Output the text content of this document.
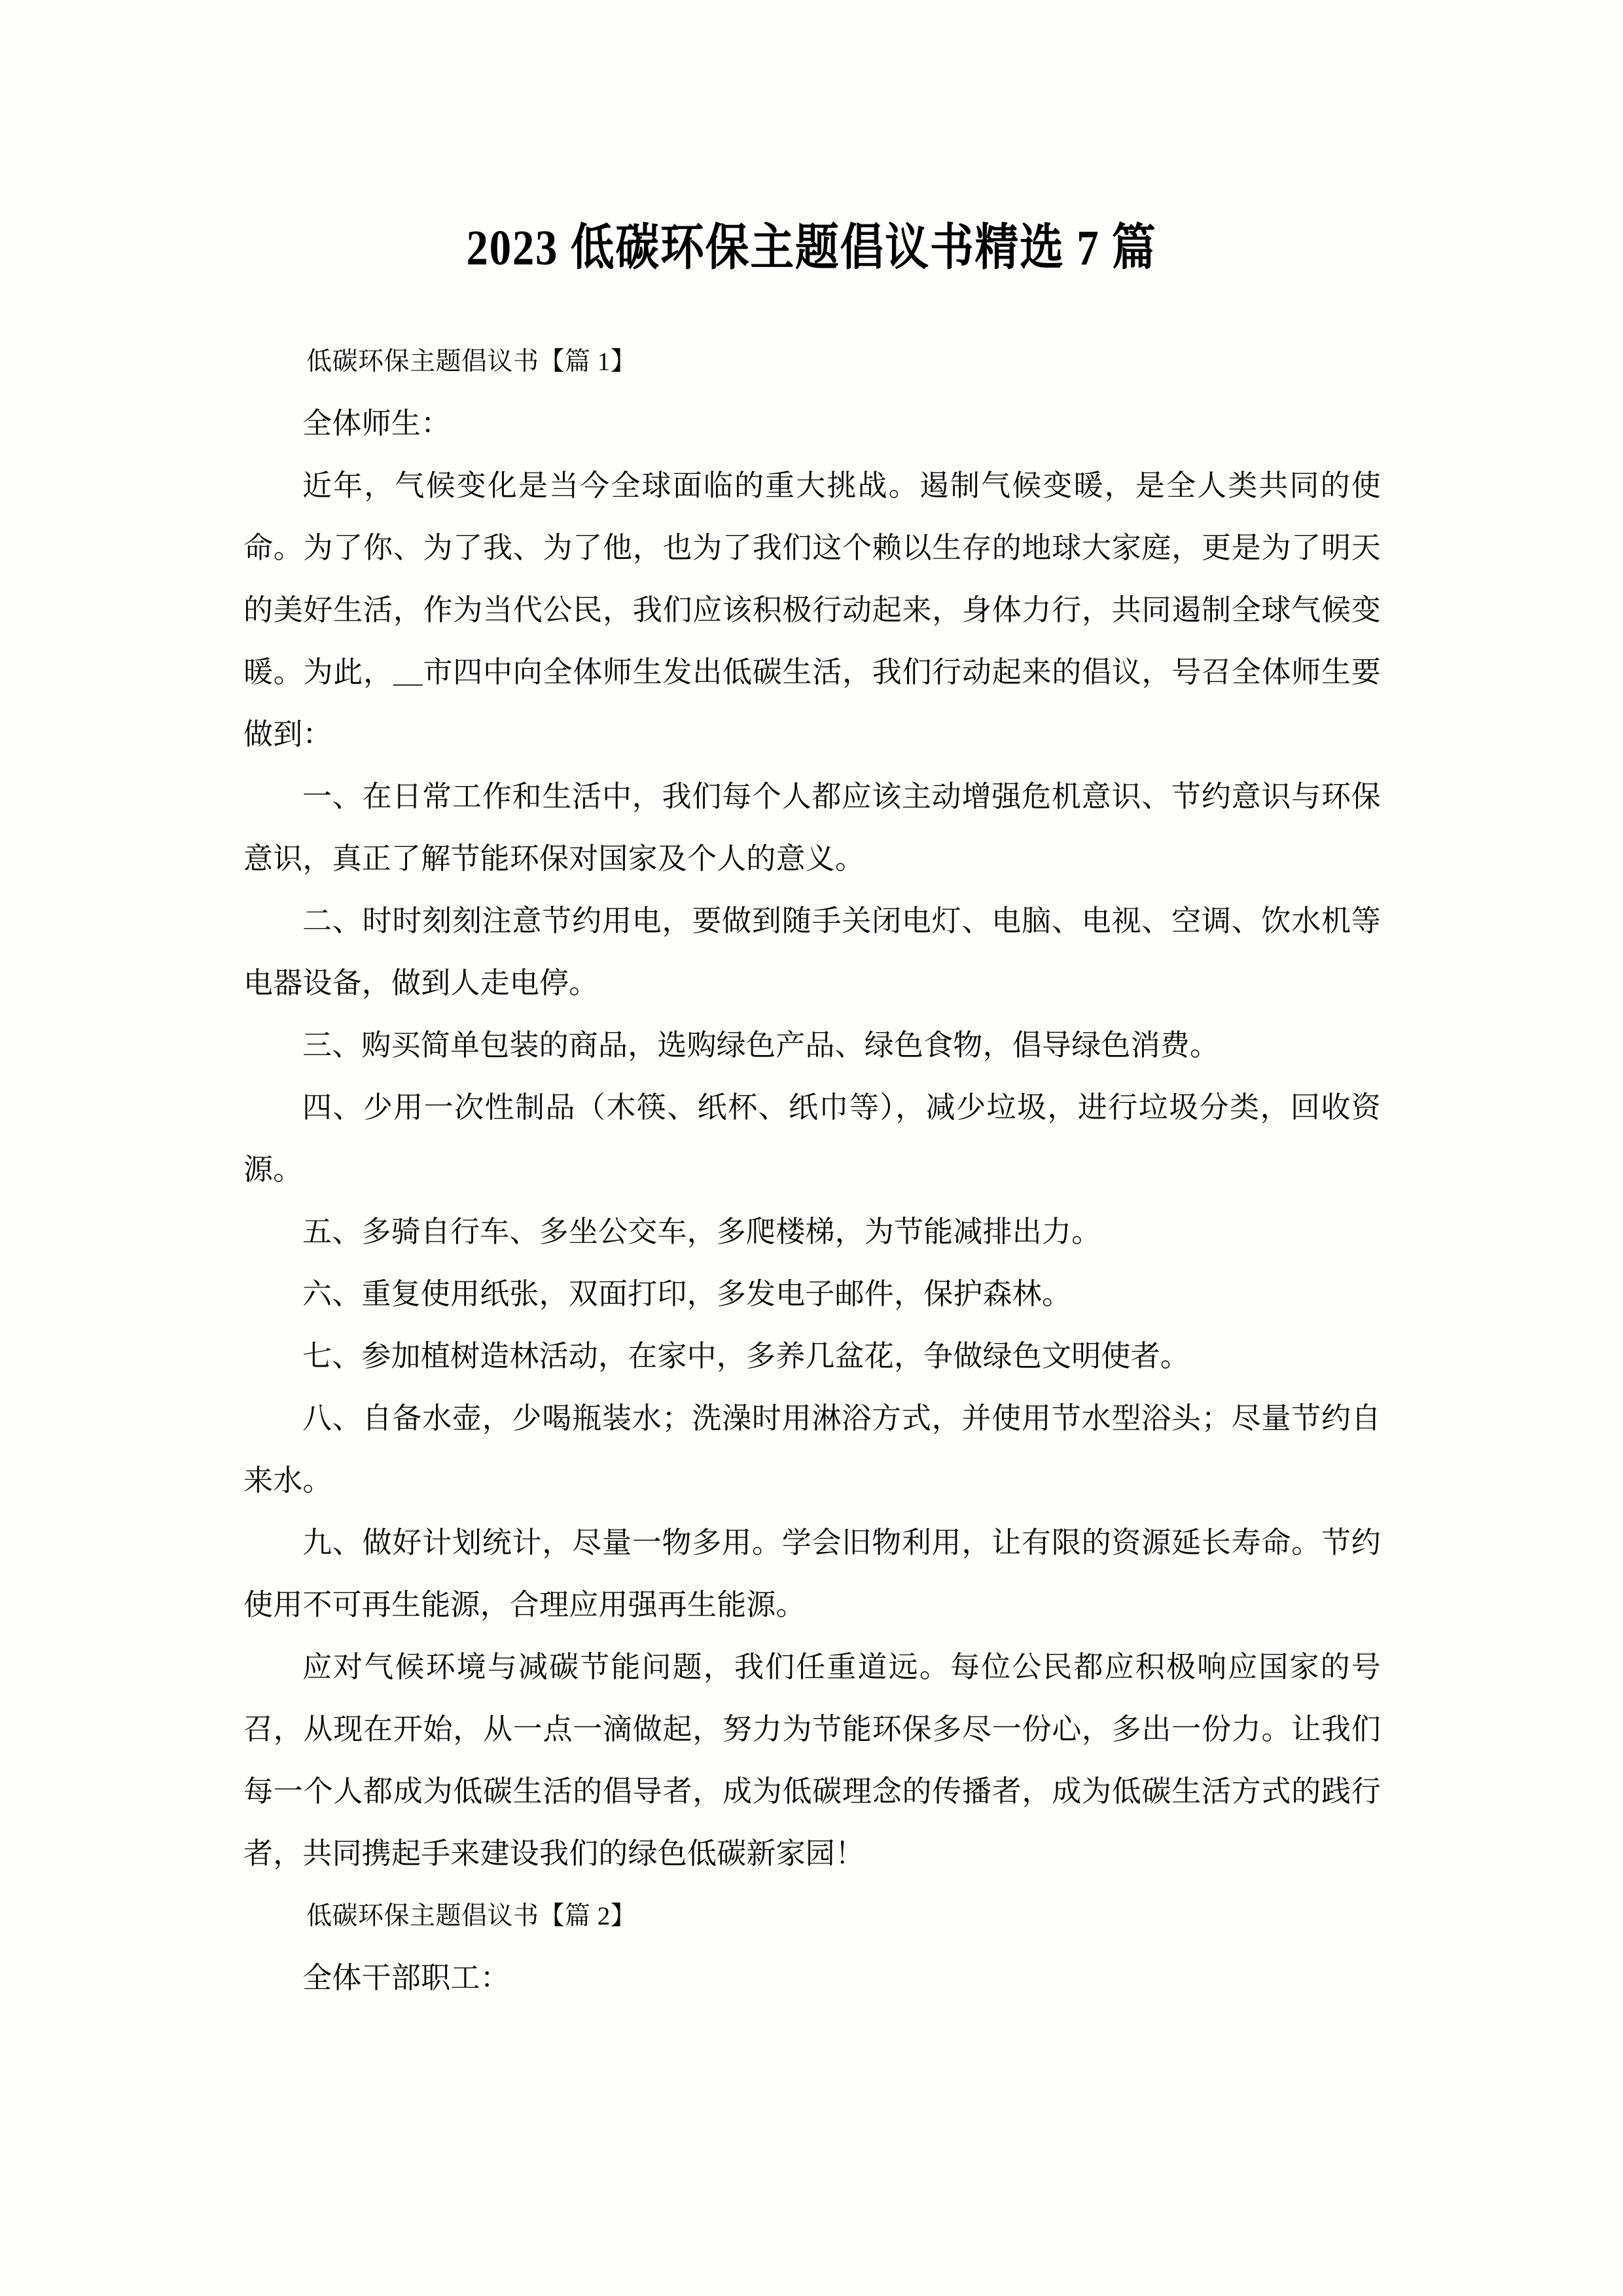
2023 低碳环保主题倡议书精选 7 篇

低碳环保主题倡议书【篇 1】

全体师生：

近年，气候变化是当今全球面临的重大挑战。遏制气候变暖，是全人类共同的使命。为了你、为了我、为了他，也为了我们这个赖以生存的地球大家庭，更是为了明天的美好生活，作为当代公民，我们应该积极行动起来，身体力行，共同遏制全球气候变暖。为此，＿市四中向全体师生发出低碳生活，我们行动起来的倡议，号召全体师生要做到：

一、在日常工作和生活中，我们每个人都应该主动增强危机意识、节约意识与环保意识，真正了解节能环保对国家及个人的意义。

二、时时刻刻注意节约用电，要做到随手关闭电灯、电脑、电视、空调、饮水机等电器设备，做到人走电停。

三、购买简单包装的商品，选购绿色产品、绿色食物，倡导绿色消费。

四、少用一次性制品（木筷、纸杯、纸巾等），减少垃圾，进行垃圾分类，回收资源。

五、多骑自行车、多坐公交车，多爬楼梯，为节能减排出力。

六、重复使用纸张，双面打印，多发电子邮件，保护森林。

七、参加植树造林活动，在家中，多养几盆花，争做绿色文明使者。

八、自备水壶，少喝瓶装水；洗澡时用淋浴方式，并使用节水型浴头；尽量节约自来水。

九、做好计划统计，尽量一物多用。学会旧物利用，让有限的资源延长寿命。节约使用不可再生能源，合理应用强再生能源。

应对气候环境与减碳节能问题，我们任重道远。每位公民都应积极响应国家的号召，从现在开始，从一点一滴做起，努力为节能环保多尽一份心，多出一份力。让我们每一个人都成为低碳生活的倡导者，成为低碳理念的传播者，成为低碳生活方式的践行者，共同携起手来建设我们的绿色低碳新家园！

低碳环保主题倡议书【篇 2】

全体干部职工：
